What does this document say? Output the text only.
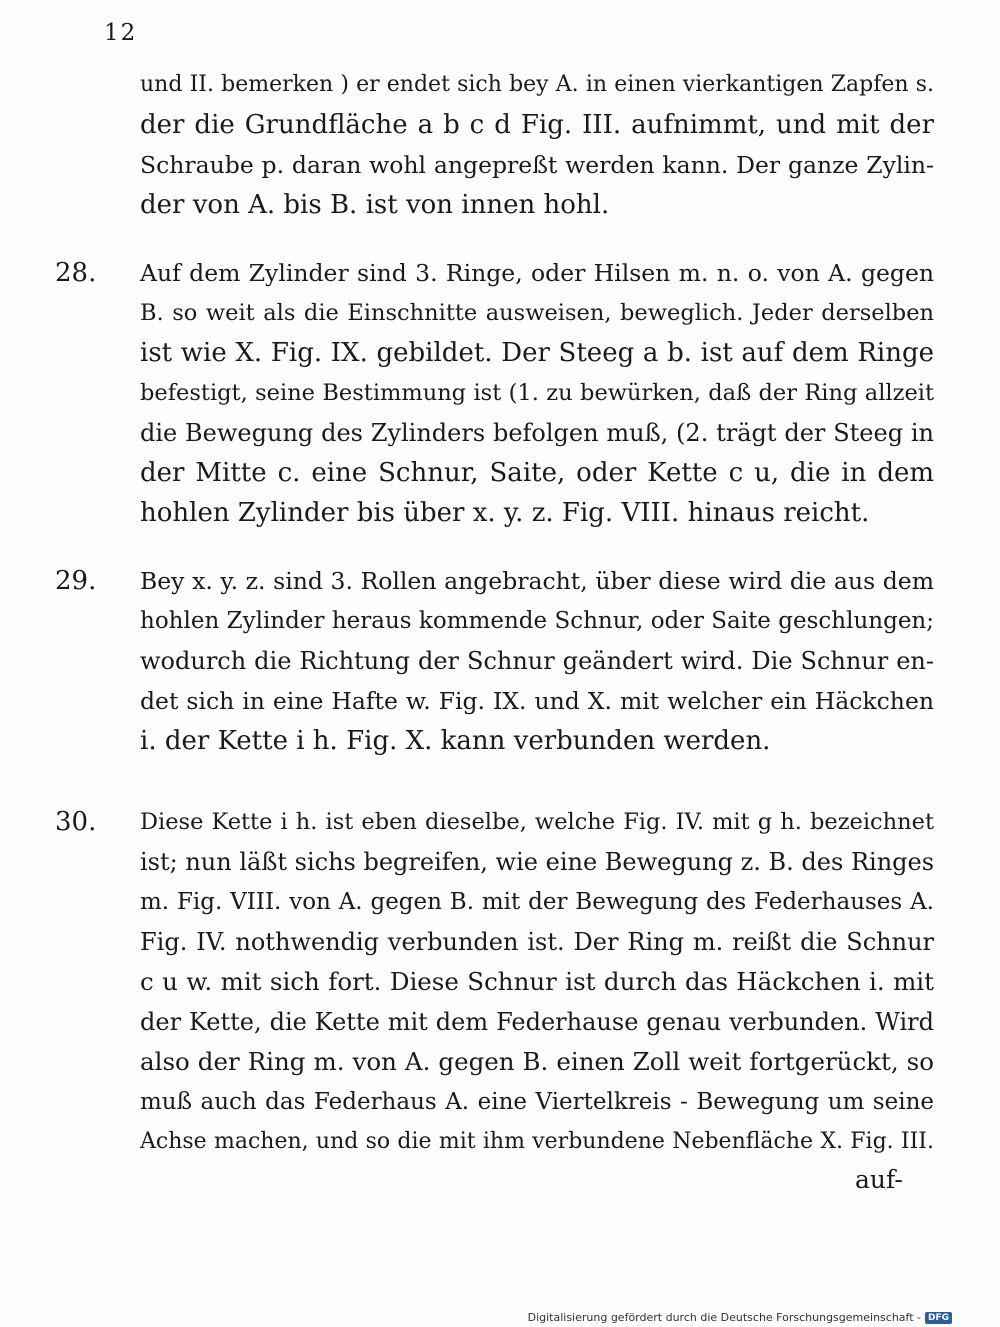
12
und II. bemerken ) er endet sich bey A. in einen vierkantigen Zapfen s.
der die Grundfläche a b c d Fig. III. aufnimmt, und mit der
Schraube p. daran wohl angepreßt werden kann. Der ganze Zylin-
der von A. bis B. ist von innen hohl.
28. Auf dem Zylinder sind 3. Ringe, oder Hilsen m. n. o. von A. gegen
B. so weit als die Einschnitte ausweisen, beweglich. Jeder derselben
ist wie X. Fig. IX. gebildet. Der Steeg a b. ist auf dem Ringe
befestigt, seine Bestimmung ist (1. zu bewürken, daß der Ring allzeit
die Bewegung des Zylinders befolgen muß, (2. trägt der Steeg in
der Mitte c. eine Schnur, Saite, oder Kette c u, die in dem
hohlen Zylinder bis über x. y. z. Fig. VIII. hinaus reicht.
29. Bey x. y. z. sind 3. Rollen angebracht, über diese wird die aus dem
hohlen Zylinder heraus kommende Schnur, oder Saite geschlungen;
wodurch die Richtung der Schnur geändert wird. Die Schnur en-
det sich in eine Hafte w. Fig. IX. und X. mit welcher ein Häckchen
i. der Kette i h. Fig. X. kann verbunden werden.
30. Diese Kette i h. ist eben dieselbe, welche Fig. IV. mit g h. bezeichnet
ist; nun läßt sichs begreifen, wie eine Bewegung z. B. des Ringes
m. Fig. VIII. von A. gegen B. mit der Bewegung des Federhauses A.
Fig. IV. nothwendig verbunden ist. Der Ring m. reißt die Schnur
c u w. mit sich fort. Diese Schnur ist durch das Häckchen i. mit
der Kette, die Kette mit dem Federhause genau verbunden. Wird
also der Ring m. von A. gegen B. einen Zoll weit fortgerückt, so
muß auch das Federhaus A. eine Viertelkreis - Bewegung um seine
Achse machen, und so die mit ihm verbundene Nebenfläche X. Fig. III.
auf-
Digitalisierung gefördert durch die Deutsche Forschungsgemeinschaft - DFG
